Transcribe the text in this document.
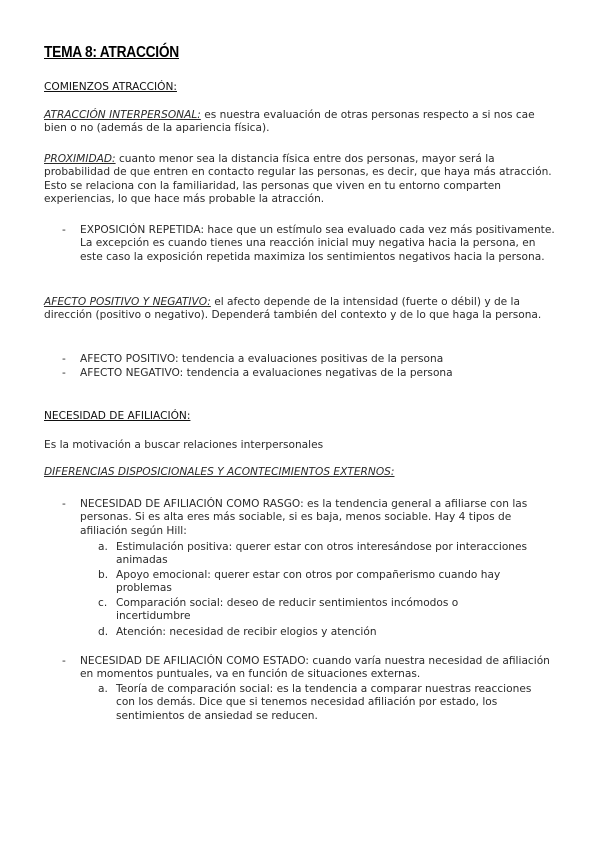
TEMA 8: ATRACCIÓN
COMIENZOS ATRACCIÓN:

ATRACCIÓN INTERPERSONAL: es nuestra evaluación de otras personas respecto a si nos cae bien o no (además de la apariencia física).

PROXIMIDAD: cuanto menor sea la distancia física entre dos personas, mayor será la probabilidad de que entren en contacto regular las personas, es decir, que haya más atracción. Esto se relaciona con la familiaridad, las personas que viven en tu entorno comparten experiencias, lo que hace más probable la atracción.

- EXPOSICIÓN REPETIDA: hace que un estímulo sea evaluado cada vez más positivamente. La excepción es cuando tienes una reacción inicial muy negativa hacia la persona, en este caso la exposición repetida maximiza los sentimientos negativos hacia la persona.

AFECTO POSITIVO Y NEGATIVO: el afecto depende de la intensidad (fuerte o débil) y de la dirección (positivo o negativo). Dependerá también del contexto y de lo que haga la persona.

- AFECTO POSITIVO: tendencia a evaluaciones positivas de la persona

- AFECTO NEGATIVO: tendencia a evaluaciones negativas de la persona

NECESIDAD DE AFILIACIÓN:

Es la motivación a buscar relaciones interpersonales

DIFERENCIAS DISPOSICIONALES Y ACONTECIMIENTOS EXTERNOS:

- NECESIDAD DE AFILIACIÓN COMO RASGO: es la tendencia general a afiliarse con las personas. Si es alta eres más sociable, si es baja, menos sociable. Hay 4 tipos de afiliación según Hill:

a. Estimulación positiva: querer estar con otros interesándose por interacciones animadas

b. Apoyo emocional: querer estar con otros por compañerismo cuando hay problemas

c. Comparación social: deseo de reducir sentimientos incómodos o incertidumbre

d. Atención: necesidad de recibir elogios y atención

- NECESIDAD DE AFILIACIÓN COMO ESTADO: cuando varía nuestra necesidad de afiliación en momentos puntuales, va en función de situaciones externas.

a. Teoría de comparación social: es la tendencia a comparar nuestras reacciones con los demás. Dice que si tenemos necesidad afiliación por estado, los sentimientos de ansiedad se reducen.
